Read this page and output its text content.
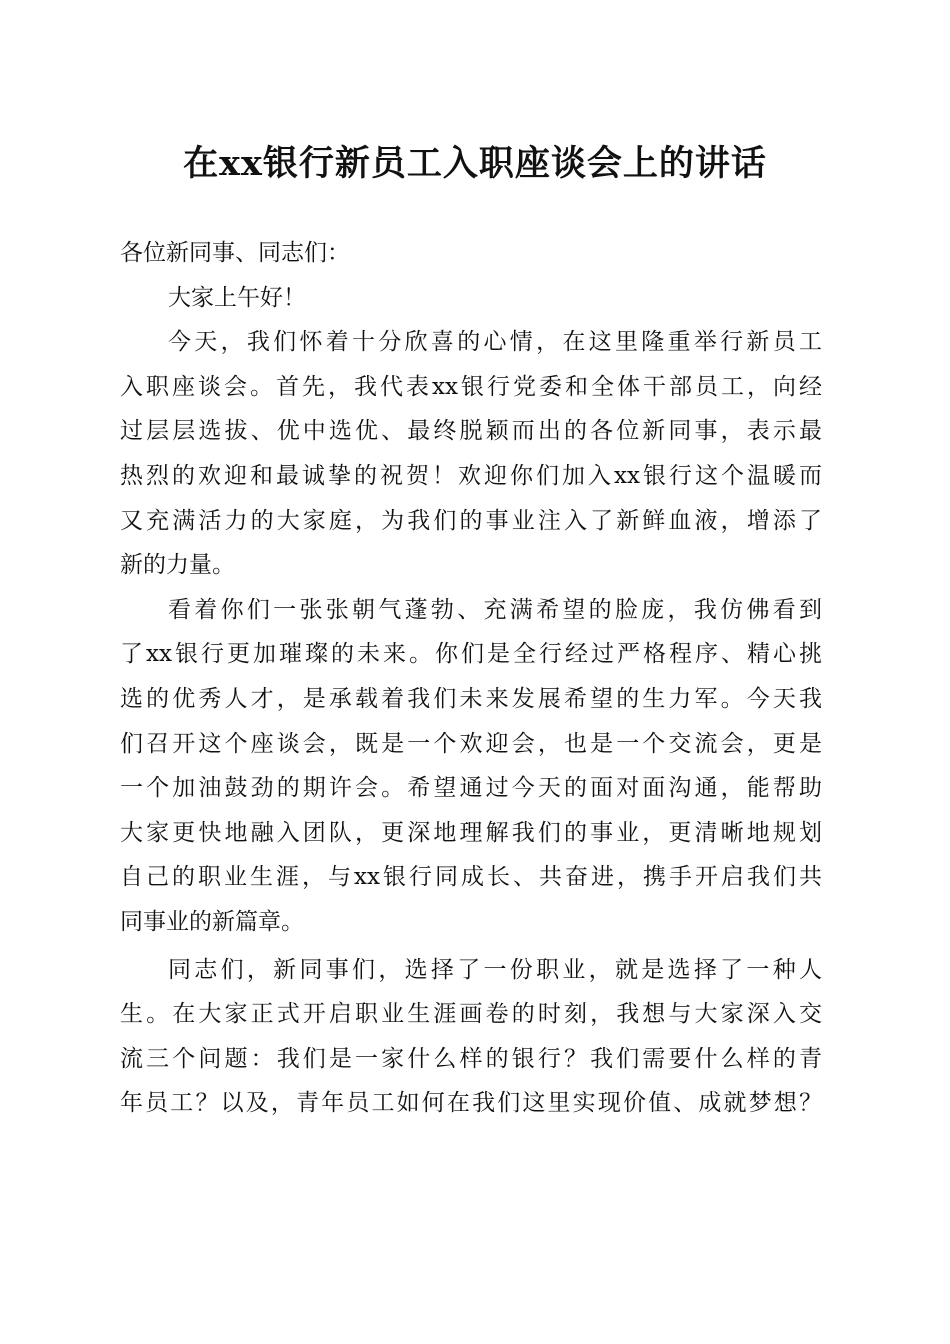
在xx银行新员工入职座谈会上的讲话
各位新同事、同志们：
大家上午好！
今天，我们怀着十分欣喜的心情，在这里隆重举行新员工
入职座谈会。首先，我代表xx银行党委和全体干部员工，向经
过层层选拔、优中选优、最终脱颖而出的各位新同事，表示最
热烈的欢迎和最诚挚的祝贺！欢迎你们加入xx银行这个温暖而
又充满活力的大家庭，为我们的事业注入了新鲜血液，增添了
新的力量。
看着你们一张张朝气蓬勃、充满希望的脸庞，我仿佛看到
了xx银行更加璀璨的未来。你们是全行经过严格程序、精心挑
选的优秀人才，是承载着我们未来发展希望的生力军。今天我
们召开这个座谈会，既是一个欢迎会，也是一个交流会，更是
一个加油鼓劲的期许会。希望通过今天的面对面沟通，能帮助
大家更快地融入团队，更深地理解我们的事业，更清晰地规划
自己的职业生涯，与xx银行同成长、共奋进，携手开启我们共
同事业的新篇章。
同志们，新同事们，选择了一份职业，就是选择了一种人
生。在大家正式开启职业生涯画卷的时刻，我想与大家深入交
流三个问题：我们是一家什么样的银行？我们需要什么样的青
年员工？以及，青年员工如何在我们这里实现价值、成就梦想？
